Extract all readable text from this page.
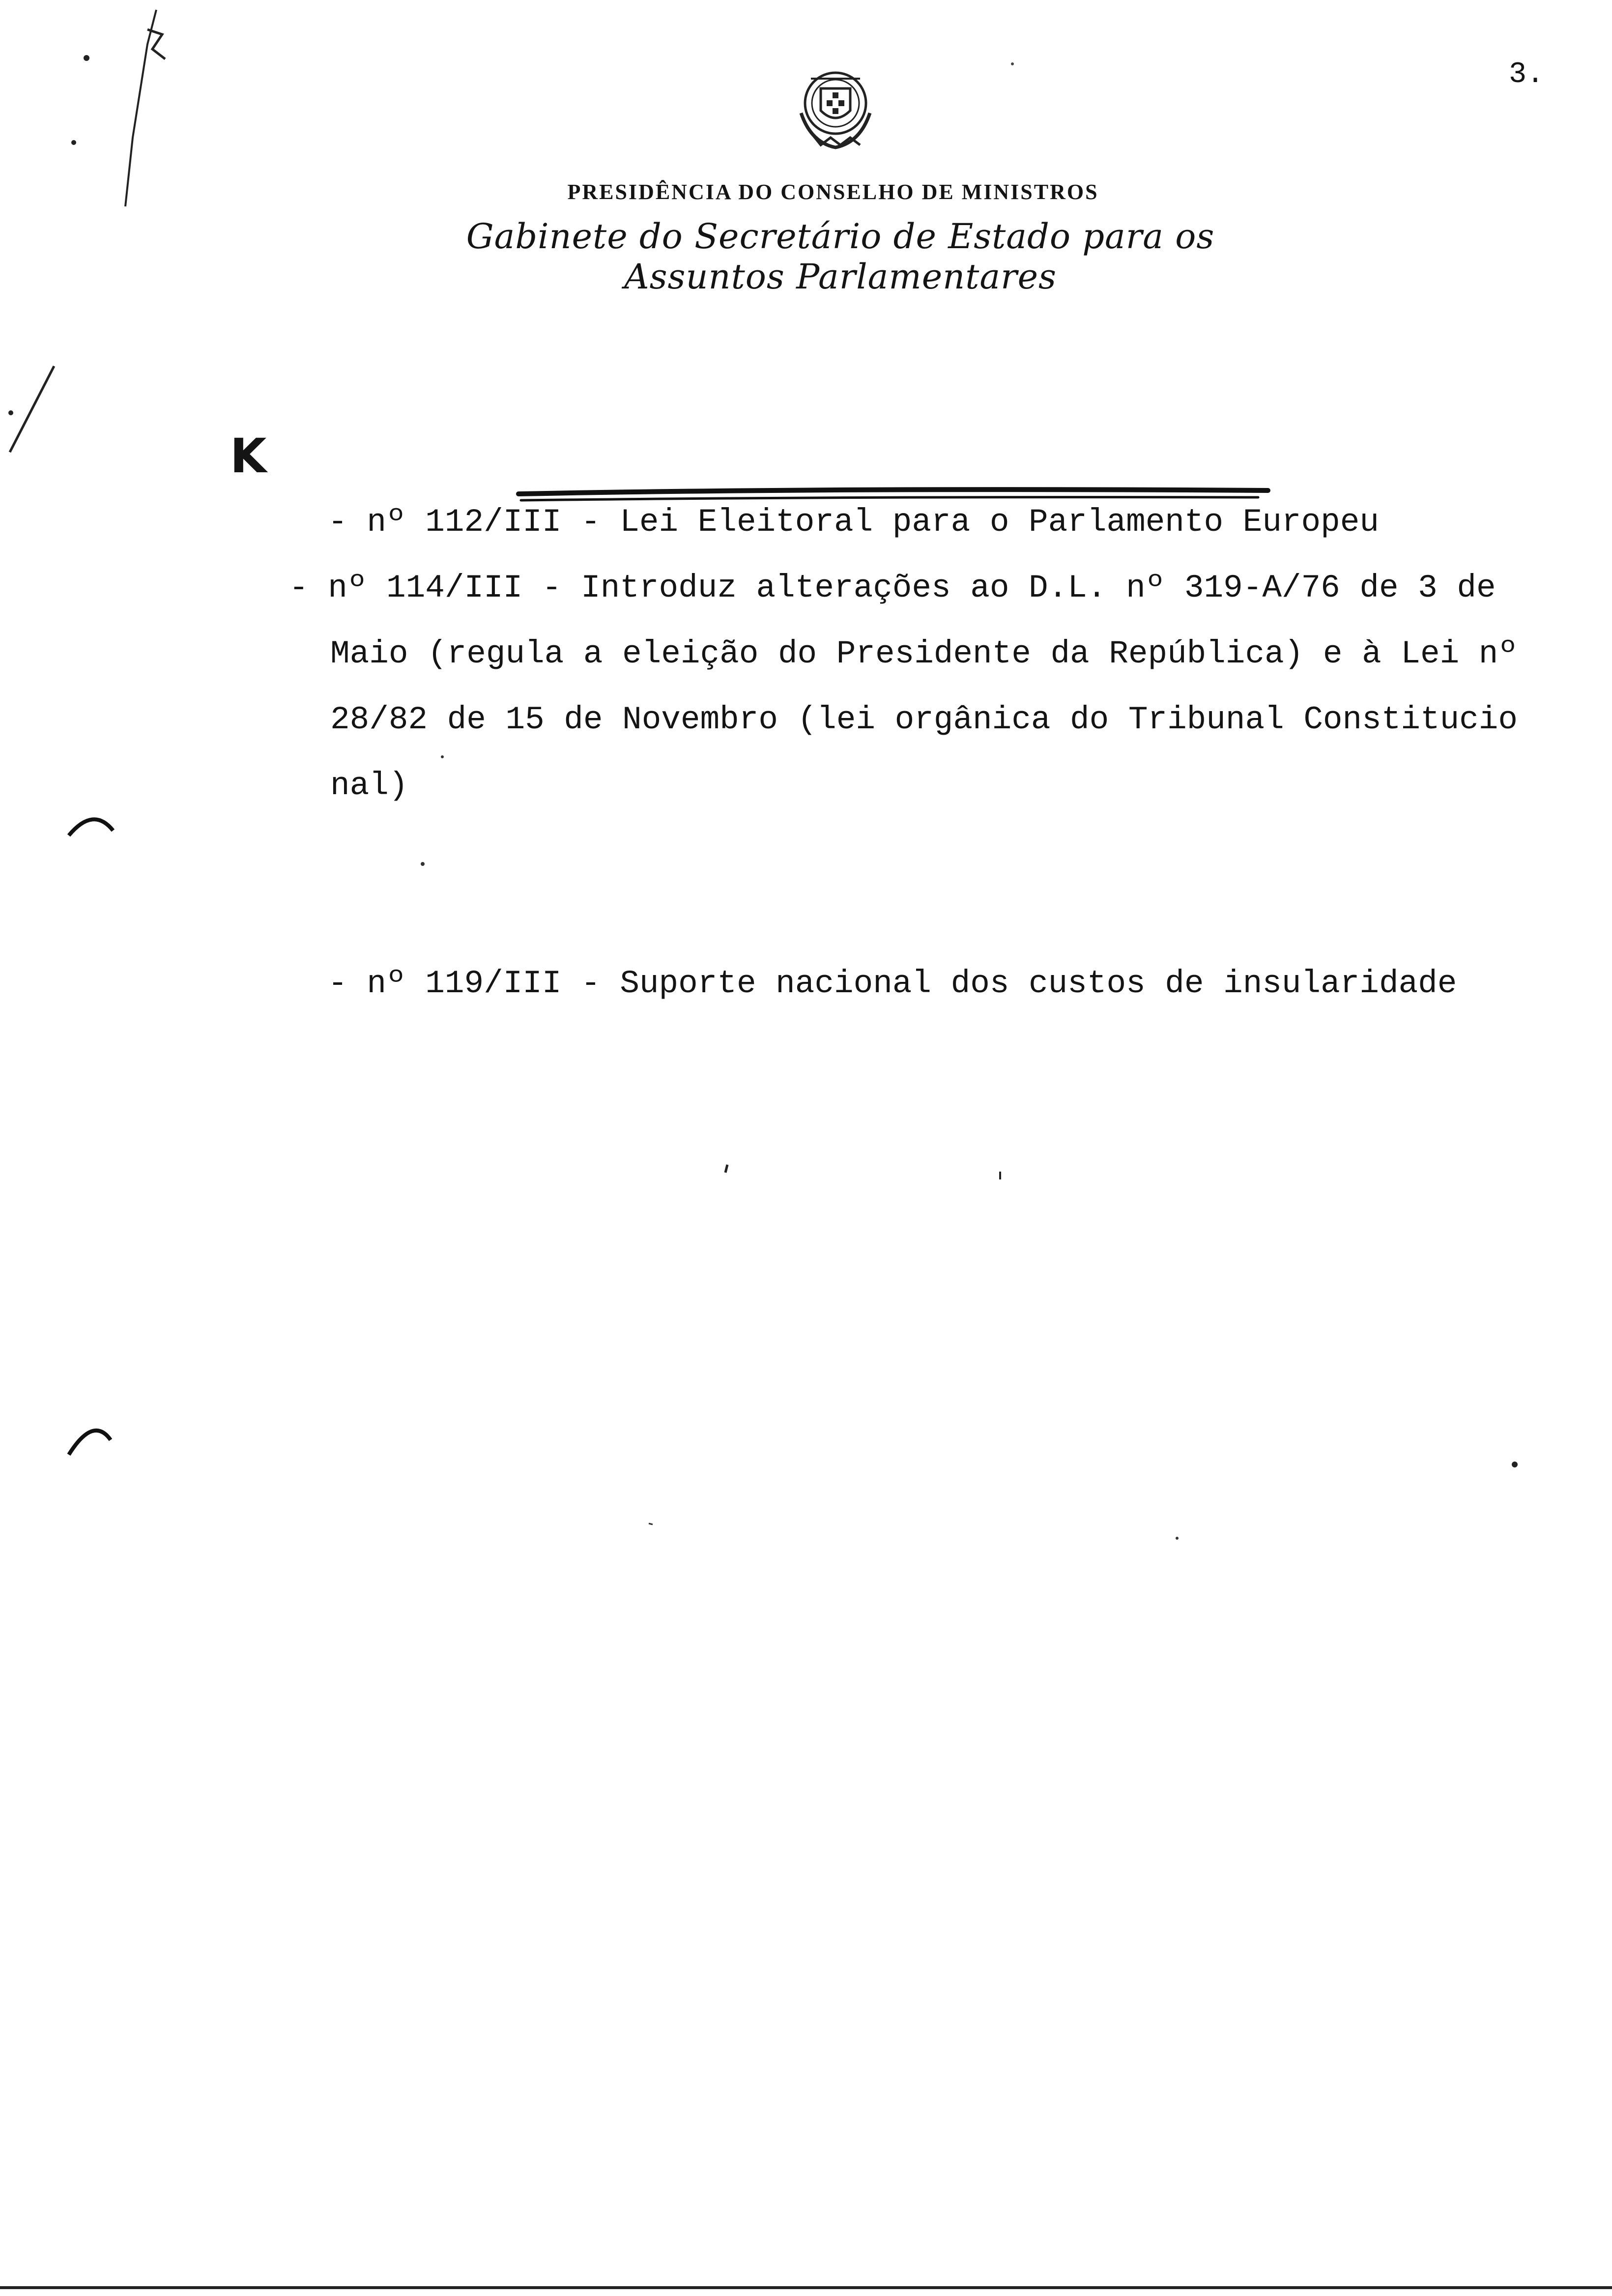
3.
PRESIDÊNCIA DO CONSELHO DE MINISTROS
Gabinete do Secretário de Estado para os Assuntos Parlamentares
K

- nº 112/III - Lei Eleitoral para o Parlamento Europeu

- nº 114/III - Introduz alterações ao D.L. nº 319-A/76 de 3 de

Maio (regula a eleição do Presidente da República) e à Lei nº
28/82 de 15 de Novembro (lei orgânica do Tribunal Constitucio
nal)

- nº 119/III - Suporte nacional dos custos de insularidade
